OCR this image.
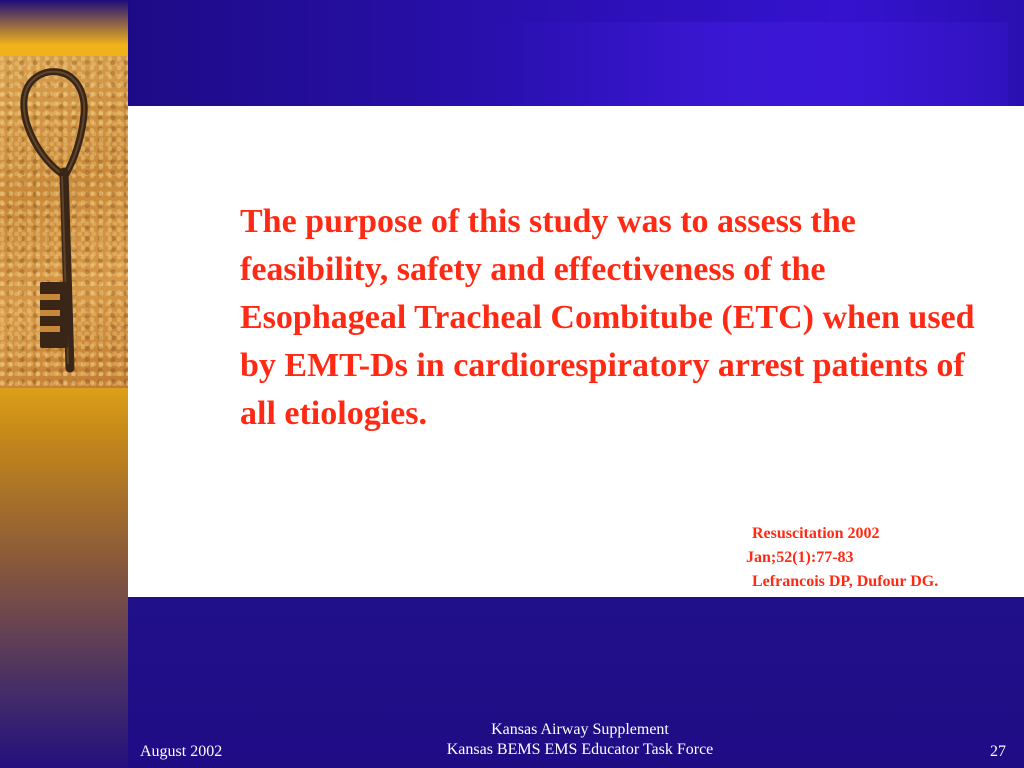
The purpose of this study was to assess the feasibility, safety and effectiveness of the Esophageal Tracheal Combitube (ETC) when used by EMT-Ds in cardiorespiratory arrest patients of all etiologies.

Resuscitation 2002
Jan;52(1):77-83
Lefrancois DP, Dufour DG.
August 2002
Kansas Airway Supplement
Kansas BEMS EMS Educator Task Force	27
